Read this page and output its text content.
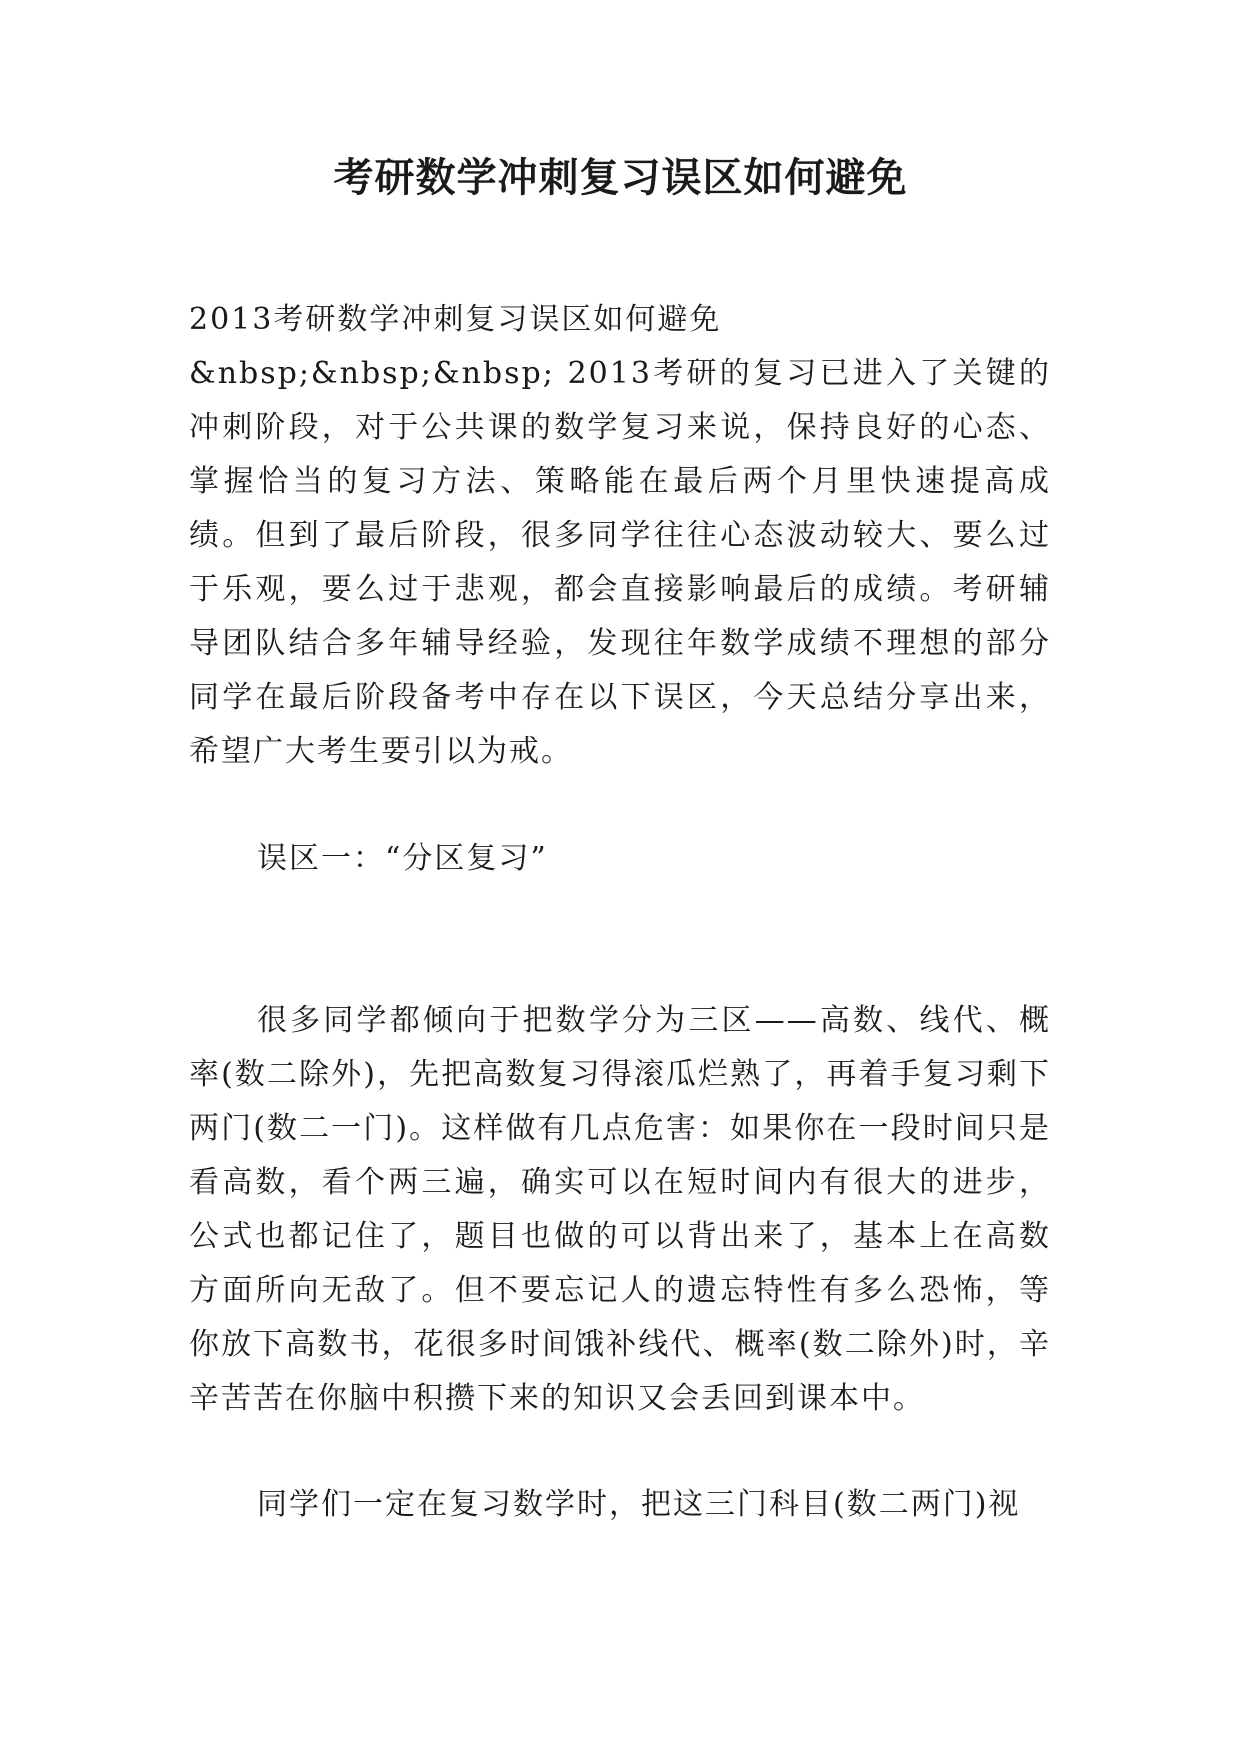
考研数学冲刺复习误区如何避免

2013考研数学冲刺复习误区如何避免

&nbsp;&nbsp;&nbsp; 2013考研的复习已进入了关键的冲刺阶段，对于公共课的数学复习来说，保持良好的心态、掌握恰当的复习方法、策略能在最后两个月里快速提高成绩。但到了最后阶段，很多同学往往心态波动较大、要么过于乐观，要么过于悲观，都会直接影响最后的成绩。考研辅导团队结合多年辅导经验，发现往年数学成绩不理想的部分同学在最后阶段备考中存在以下误区，今天总结分享出来，希望广大考生要引以为戒。

误区一：“分区复习”

很多同学都倾向于把数学分为三区——高数、线代、概率(数二除外)，先把高数复习得滚瓜烂熟了，再着手复习剩下两门(数二一门)。这样做有几点危害：如果你在一段时间只是看高数，看个两三遍，确实可以在短时间内有很大的进步，公式也都记住了，题目也做的可以背出来了，基本上在高数方面所向无敌了。但不要忘记人的遗忘特性有多么恐怖，等你放下高数书，花很多时间饿补线代、概率(数二除外)时，辛辛苦苦在你脑中积攒下来的知识又会丢回到课本中。

同学们一定在复习数学时，把这三门科目(数二两门)视
